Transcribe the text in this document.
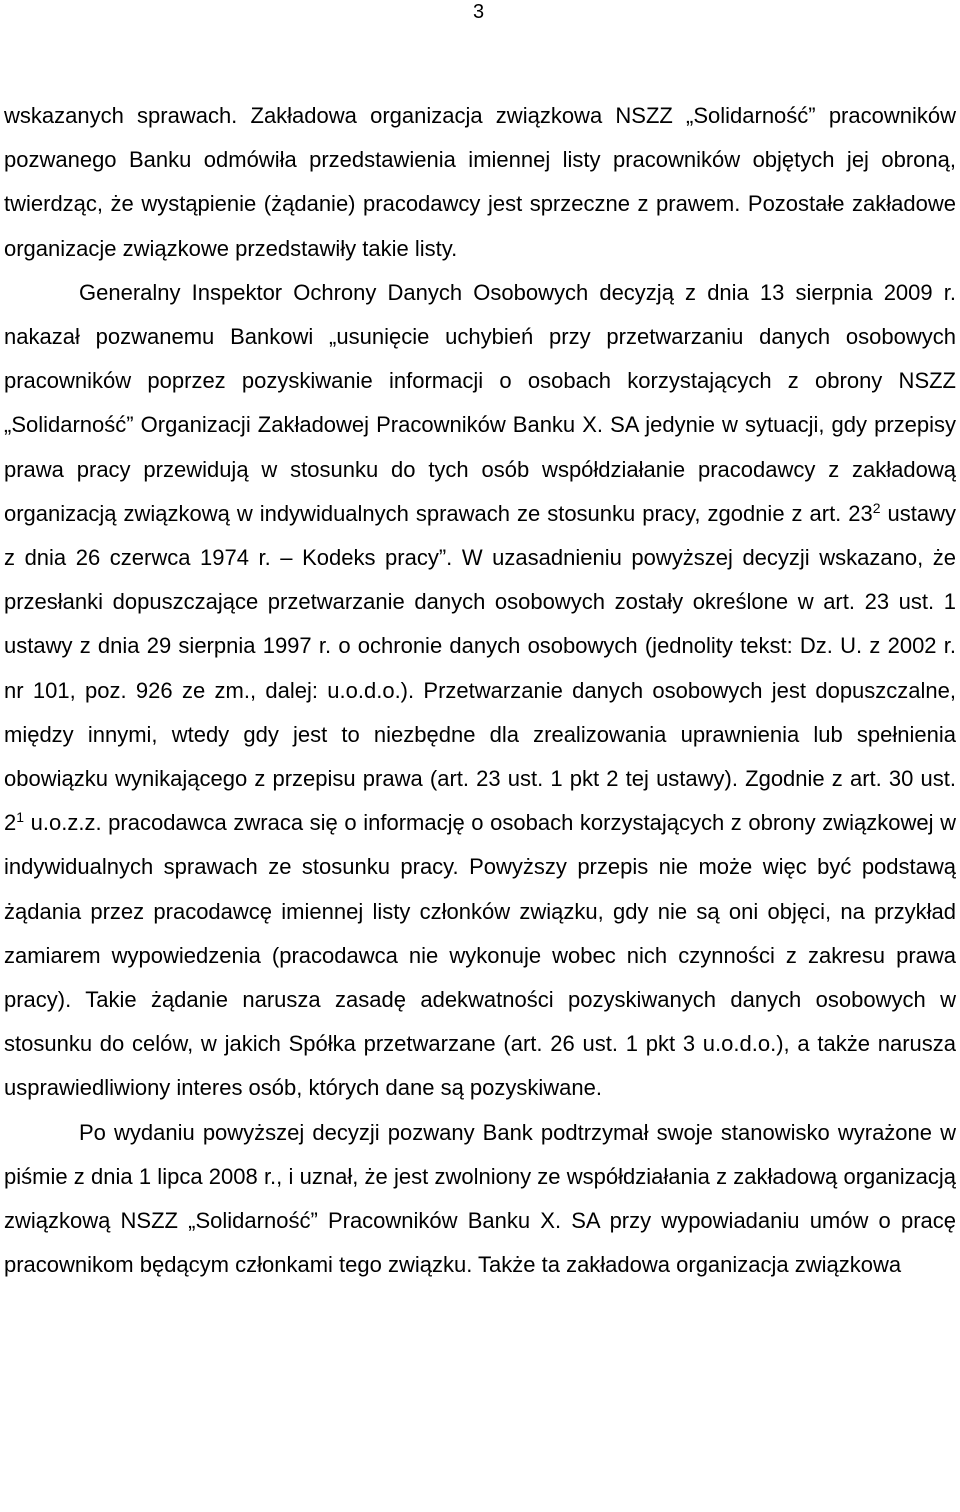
3

wskazanych sprawach. Zakładowa organizacja związkowa NSZZ „Solidarność” pracowników pozwanego Banku odmówiła przedstawienia imiennej listy pracowników objętych jej obroną, twierdząc, że wystąpienie (żądanie) pracodawcy jest sprzeczne z prawem. Pozostałe zakładowe organizacje związkowe przedstawiły takie listy.

Generalny Inspektor Ochrony Danych Osobowych decyzją z dnia 13 sierpnia 2009 r. nakazał pozwanemu Bankowi „usunięcie uchybień przy przetwarzaniu danych osobowych pracowników poprzez pozyskiwanie informacji o osobach korzystających z obrony NSZZ „Solidarność” Organizacji Zakładowej Pracowników Banku X. SA jedynie w sytuacji, gdy przepisy prawa pracy przewidują w stosunku do tych osób współdziałanie pracodawcy z zakładową organizacją związkową w indywidualnych sprawach ze stosunku pracy, zgodnie z art. $23^2$ ustawy z dnia 26 czerwca 1974 r. – Kodeks pracy”. W uzasadnieniu powyższej decyzji wskazano, że przesłanki dopuszczające przetwarzanie danych osobowych zostały określone w art. 23 ust. 1 ustawy z dnia 29 sierpnia 1997 r. o ochronie danych osobowych (jednolity tekst: Dz. U. z 2002 r. nr 101, poz. 926 ze zm., dalej: u.o.d.o.). Przetwarzanie danych osobowych jest dopuszczalne, między innymi, wtedy gdy jest to niezbędne dla zrealizowania uprawnienia lub spełnienia obowiązku wynikającego z przepisu prawa (art. 23 ust. 1 pkt 2 tej ustawy). Zgodnie z art. 30 ust. $2^1$ u.o.z.z. pracodawca zwraca się o informację o osobach korzystających z obrony związkowej w indywidualnych sprawach ze stosunku pracy. Powyższy przepis nie może więc być podstawą żądania przez pracodawcę imiennej listy członków związku, gdy nie są oni objęci, na przykład zamiarem wypowiedzenia (pracodawca nie wykonuje wobec nich czynności z zakresu prawa pracy). Takie żądanie narusza zasadę adekwatności pozyskiwanych danych osobowych w stosunku do celów, w jakich Spółka przetwarzane (art. 26 ust. 1 pkt 3 u.o.d.o.), a także narusza usprawiedliwiony interes osób, których dane są pozyskiwane.

Po wydaniu powyższej decyzji pozwany Bank podtrzymał swoje stanowisko wyrażone w piśmie z dnia 1 lipca 2008 r., i uznał, że jest zwolniony ze współdziałania z zakładową organizacją związkową NSZZ „Solidarność” Pracowników Banku X. SA przy wypowiadaniu umów o pracę pracownikom będącym członkami tego związku. Także ta zakładowa organizacja związkowa
